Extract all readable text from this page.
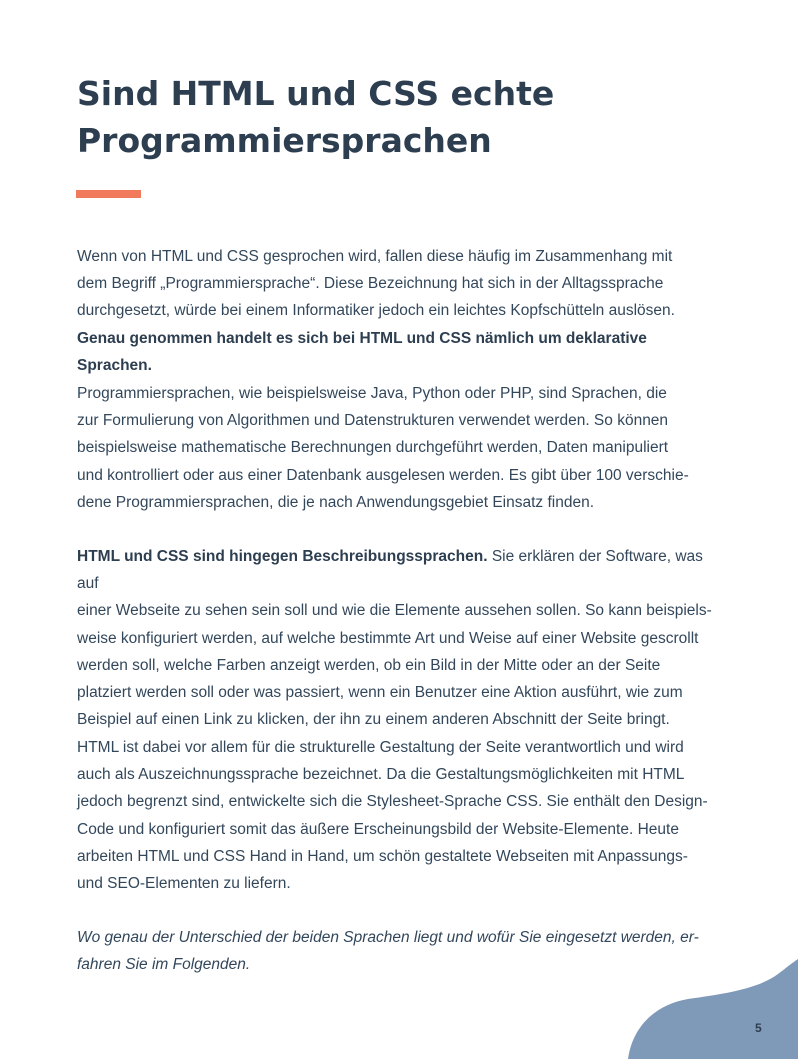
Sind HTML und CSS echte
Programmiersprachen

Wenn von HTML und CSS gesprochen wird, fallen diese häufig im Zusammenhang mit

dem Begriff „Programmiersprache“. Diese Bezeichnung hat sich in der Alltagssprache

durchgesetzt, würde bei einem Informatiker jedoch ein leichtes Kopfschütteln auslösen.

Genau genommen handelt es sich bei HTML und CSS nämlich um deklarative Sprachen.

Programmiersprachen, wie beispielsweise Java, Python oder PHP, sind Sprachen, die

zur Formulierung von Algorithmen und Datenstrukturen verwendet werden. So können

beispielsweise mathematische Berechnungen durchgeführt werden, Daten manipuliert

und kontrolliert oder aus einer Datenbank ausgelesen werden. Es gibt über 100 verschie-

dene Programmiersprachen, die je nach Anwendungsgebiet Einsatz finden.

HTML und CSS sind hingegen Beschreibungssprachen. Sie erklären der Software, was auf

einer Webseite zu sehen sein soll und wie die Elemente aussehen sollen. So kann beispiels-

weise konfiguriert werden, auf welche bestimmte Art und Weise auf einer Website gescrollt

werden soll, welche Farben anzeigt werden, ob ein Bild in der Mitte oder an der Seite

platziert werden soll oder was passiert, wenn ein Benutzer eine Aktion ausführt, wie zum

Beispiel auf einen Link zu klicken, der ihn zu einem anderen Abschnitt der Seite bringt.

HTML ist dabei vor allem für die strukturelle Gestaltung der Seite verantwortlich und wird

auch als Auszeichnungssprache bezeichnet. Da die Gestaltungsmöglichkeiten mit HTML

jedoch begrenzt sind, entwickelte sich die Stylesheet-Sprache CSS. Sie enthält den Design-

Code und konfiguriert somit das äußere Erscheinungsbild der Website-Elemente. Heute

arbeiten HTML und CSS Hand in Hand, um schön gestaltete Webseiten mit Anpassungs-

und SEO-Elementen zu liefern.

Wo genau der Unterschied der beiden Sprachen liegt und wofür Sie eingesetzt werden, er-

fahren Sie im Folgenden.

5
